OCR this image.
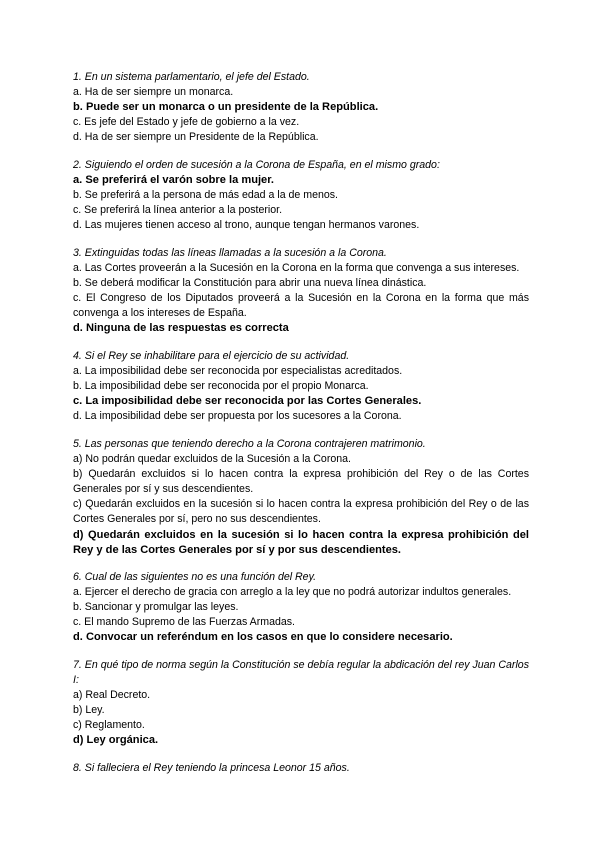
1. En un sistema parlamentario, el jefe del Estado.

a. Ha de ser siempre un monarca.

b. Puede ser un monarca o un presidente de la República.

c. Es jefe del Estado y jefe de gobierno a la vez.

d. Ha de ser siempre un Presidente de la República.

2. Siguiendo el orden de sucesión a la Corona de España, en el mismo grado:

a. Se preferirá el varón sobre la mujer.

b. Se preferirá a la persona de más edad a la de menos.

c. Se preferirá la línea anterior a la posterior.

d. Las mujeres tienen acceso al trono, aunque tengan hermanos varones.

3. Extinguidas todas las líneas llamadas a la sucesión a la Corona.

a. Las Cortes proveerán a la Sucesión en la Corona en la forma que convenga a sus intereses.

b. Se deberá modificar la Constitución para abrir una nueva línea dinástica.

c. El Congreso de los Diputados proveerá a la Sucesión en la Corona en la forma que más convenga a los intereses de España.

d. Ninguna de las respuestas es correcta

4. Si el Rey se inhabilitare para el ejercicio de su actividad.

a. La imposibilidad debe ser reconocida por especialistas acreditados.

b. La imposibilidad debe ser reconocida por el propio Monarca.

c. La imposibilidad debe ser reconocida por las Cortes Generales.

d. La imposibilidad debe ser propuesta por los sucesores a la Corona.

5. Las personas que teniendo derecho a la Corona contrajeren matrimonio.

a) No podrán quedar excluidos de la Sucesión a la Corona.

b) Quedarán excluidos si lo hacen contra la expresa prohibición del Rey o de las Cortes Generales por sí y sus descendientes.

c) Quedarán excluidos en la sucesión si lo hacen contra la expresa prohibición del Rey o de las Cortes Generales por sí, pero no sus descendientes.

d) Quedarán excluidos en la sucesión si lo hacen contra la expresa prohibición del Rey y de las Cortes Generales por sí y por sus descendientes.

6. Cual de las siguientes no es una función del Rey.

a. Ejercer el derecho de gracia con arreglo a la ley que no podrá autorizar indultos generales.

b. Sancionar y promulgar las leyes.

c. El mando Supremo de las Fuerzas Armadas.

d. Convocar un referéndum en los casos en que lo considere necesario.

7. En qué tipo de norma según la Constitución se debía regular la abdicación del rey Juan Carlos I:

a) Real Decreto.

b) Ley.

c) Reglamento.

d) Ley orgánica.

8. Si falleciera el Rey teniendo la princesa Leonor 15 años.
